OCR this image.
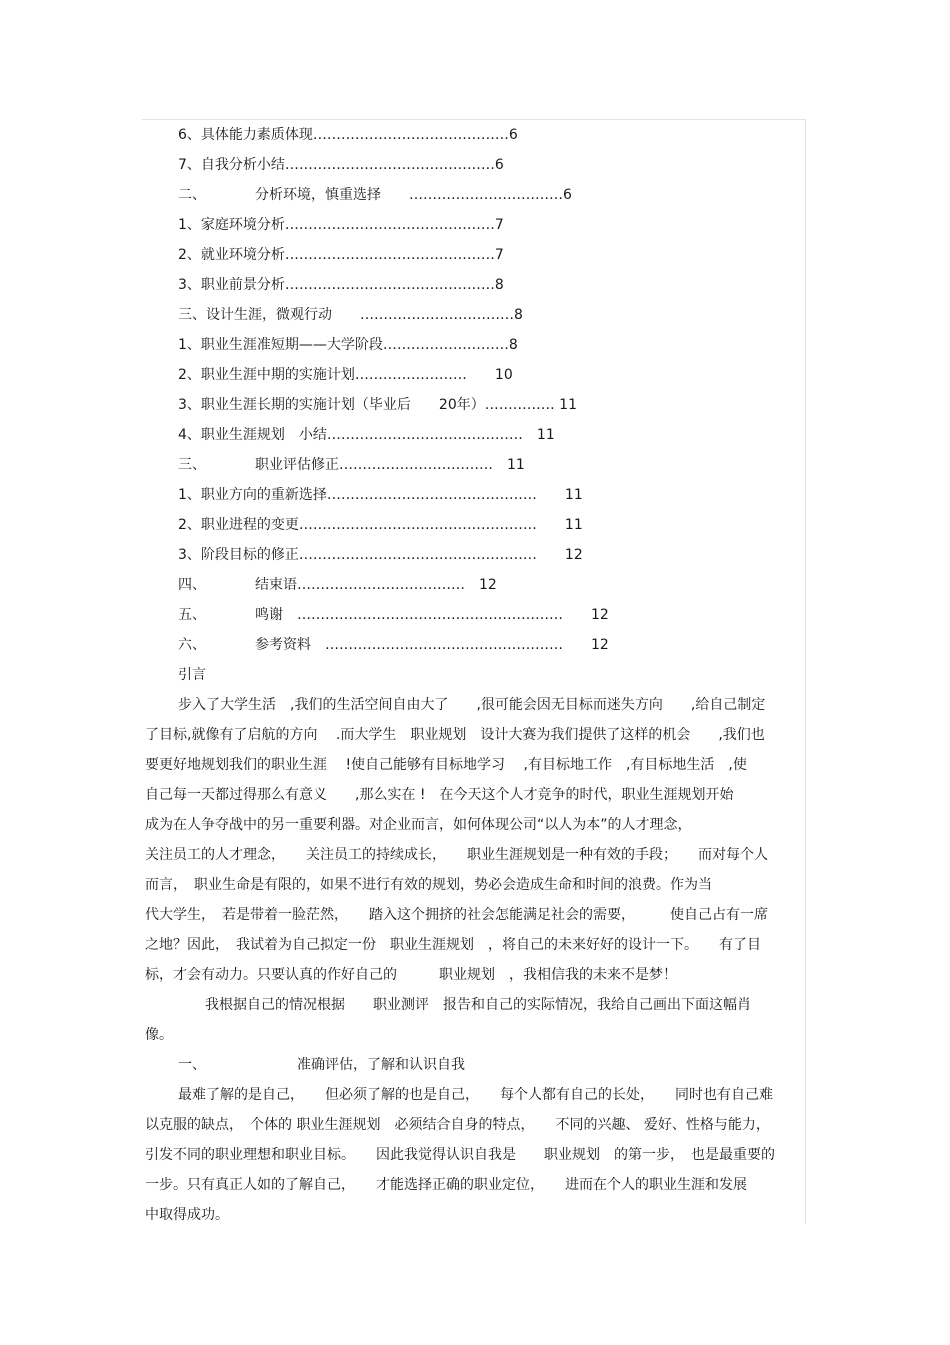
6、具体能力素质体现……………………………………6
7、自我分析小结………………………………………6
二、　　　　分析环境，慎重选择　　……………………………6
1、家庭环境分析………………………………………7
2、就业环境分析………………………………………7
3、职业前景分析………………………………………8
三、设计生涯，微观行动　　……………………………8
1、职业生涯准短期——大学阶段………………………8
2、职业生涯中期的实施计划……………………　　10
3、职业生涯长期的实施计划（毕业后　　20年）…………… 11
4、职业生涯规划　小结……………………………………　11
三、　　　　职业评估修正……………………………　11
1、职业方向的重新选择………………………………………　　11
2、职业进程的变更……………………………………………　　11
3、阶段目标的修正……………………………………………　　12
四、　　　　结束语………………………………　12
五、　　　　鸣谢　…………………………………………………　　12
六、　　　　参考资料　……………………………………………　　12
引言
步入了大学生活　,我们的生活空间自由大了　　,很可能会因无目标而迷失方向　　,给自己制定
了目标,就像有了启航的方向　 .而大学生　职业规划　设计大赛为我们提供了这样的机会　　,我们也
要更好地规划我们的职业生涯　 !使自己能够有目标地学习　 ,有目标地工作　,有目标地生活　,使
自己每一天都过得那么有意义　　,那么实在 !　在今天这个人才竞争的时代，职业生涯规划开始
成为在人争夺战中的另一重要利器。对企业而言，如何体现公司“以人为本”的人才理念，
关注员工的人才理念，　　关注员工的持续成长，　　职业生涯规划是一种有效的手段；　　而对每个人
而言，　职业生命是有限的，如果不进行有效的规划，势必会造成生命和时间的浪费。作为当
代大学生，　若是带着一脸茫然，　　踏入这个拥挤的社会怎能满足社会的需要，　　　使自己占有一席
之地？因此，　我试着为自己拟定一份　职业生涯规划　，将自己的未来好好的设计一下。　　有了目
标，才会有动力。只要认真的作好自己的　　　职业规划　，我相信我的未来不是梦！
我根据自己的情况根据　　职业测评　报告和自己的实际情况，我给自己画出下面这幅肖
像。
一、　　　　　　　准确评估，了解和认识自我
最难了解的是自己，　　但必须了解的也是自己，　　每个人都有自己的长处，　　同时也有自己难
以克服的缺点，　个体的 职业生涯规划　必须结合自身的特点，　　不同的兴趣、 爱好、性格与能力，
引发不同的职业理想和职业目标。　　因此我觉得认识自我是　　职业规划　的第一步，　也是最重要的
一步。只有真正人如的了解自己，　　才能选择正确的职业定位，　　进而在个人的职业生涯和发展
中取得成功。
